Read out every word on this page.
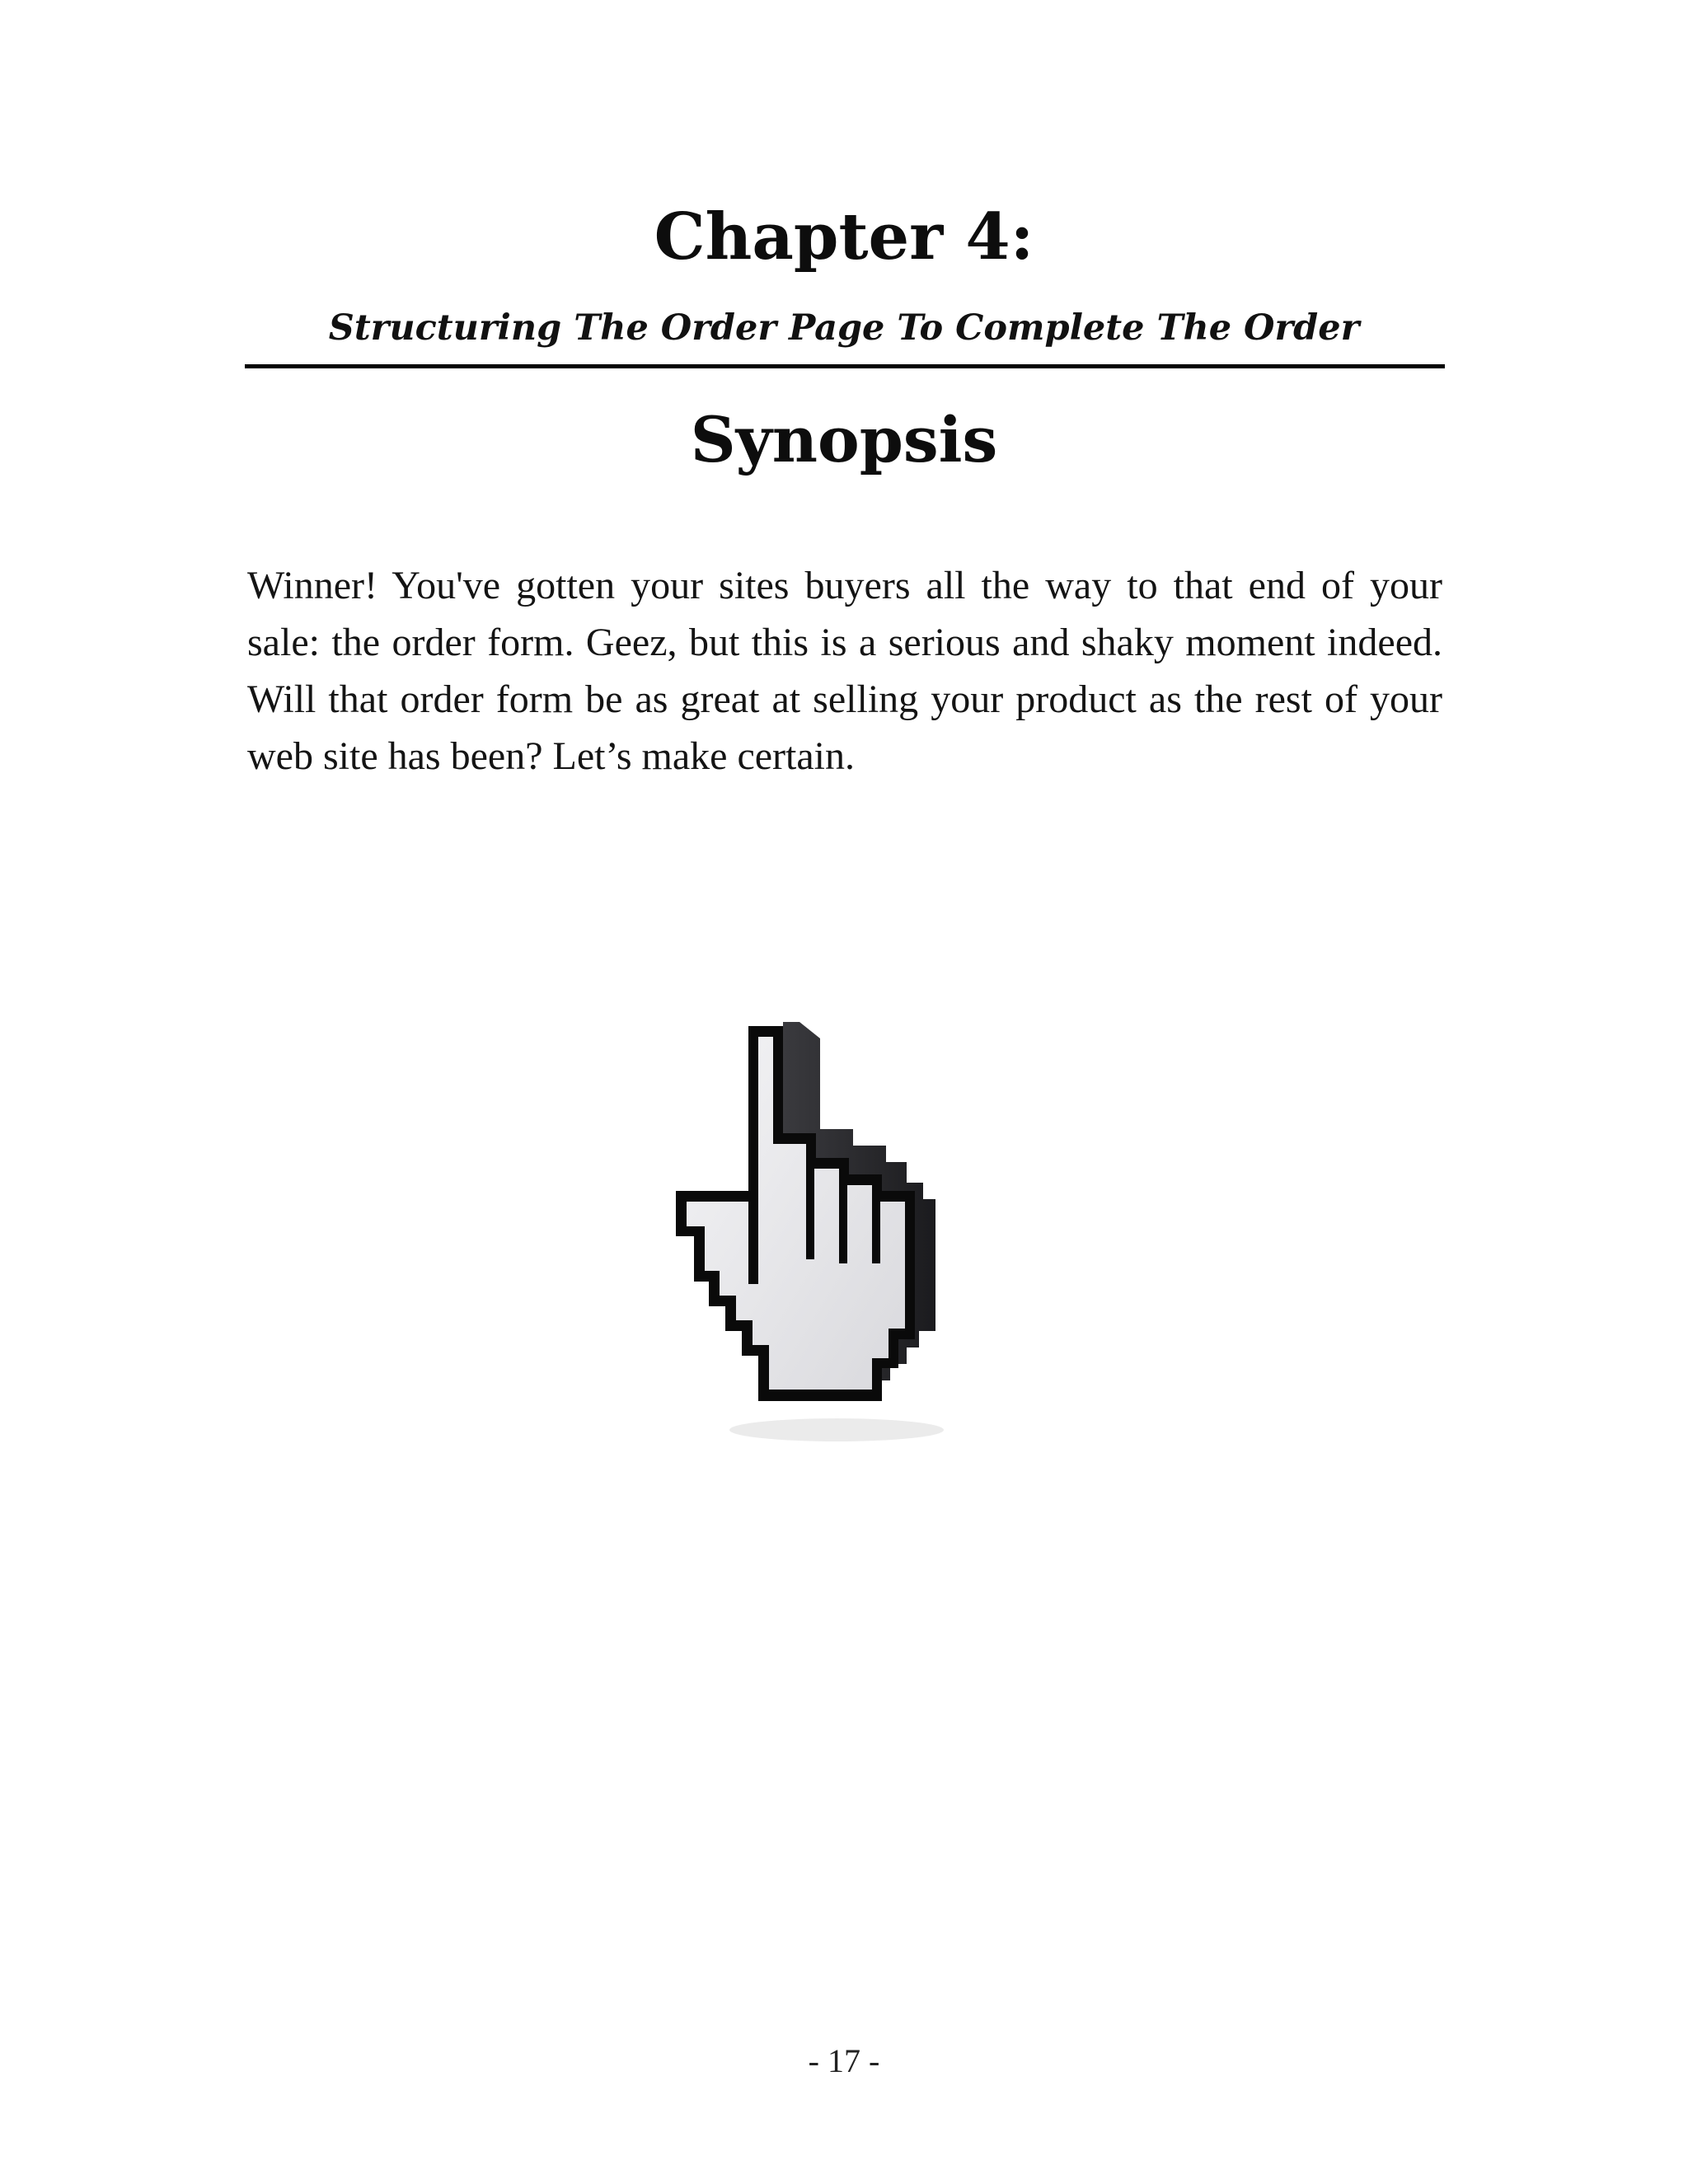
Chapter 4:
Structuring The Order Page To Complete The Order
Synopsis

Winner! You've gotten your sites buyers all the way to that end of your sale: the order form. Geez, but this is a serious and shaky moment indeed. Will that order form be as great at selling your product as the rest of your web site has been? Let’s make certain.

- 17 -
